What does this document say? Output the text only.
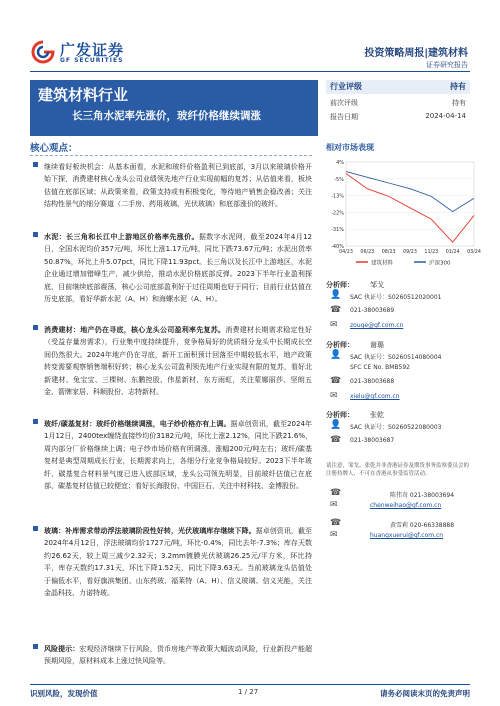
广发证券
GF SECURITIES
投资策略周报|建筑材料
证券研究报告
建筑材料行业
长三角水泥率先涨价，玻纤价格继续调涨
行业评级	持有
前次评级	持有
报告日期	2024-04-14
核心观点：
继续看好板块机会：从基本面看，水泥和玻纤价格盈利已到底部，3月以来玻璃价格开始下探，消费建材核心龙头公司业绩领先地产行业实现前幅的复苏；从估值来看，板块估值在底部区域；从政策来看，政策支持或有积极变化，等待地产销售企稳改善；关注结构性景气的细分赛道（二手房、药用玻璃、光伏玻璃）和底部涨价的玻纤。
水泥：长三角和长江中上游地区价格率先涨价。据数字水泥网，截至2024年4月12日，全国水泥均价357元/吨，环比上涨1.17元/吨，同比下跌73.67元/吨；水泥出货率50.87%，环比上升5.07pct，同比下降11.93pct。长三角以及长江中上游地区，水泥企业通过增加错峰生产，减少供给，推动水泥价格底部反弹。2023下半年行业盈利探底，目前继续底部震荡，核心公司底部盈利好于过往周期也好于同行；目前行业估值在历史底部，看好华新水泥（A、H）和海螺水泥（A、H）。
消费建材：地产仍在寻底，核心龙头公司盈利率先复苏。消费建材长期需求稳定性好（受益存量房需求），行业集中度持续提升，竞争格局好的优质细分龙头中长期成长空间仍然很大。2024年地产仍在寻底，新开工面积预计回落至中期较低水平，地产政策转变需要观察销售端积好转；核心龙头公司盈利领先地产行业实现有限的复苏，看好北新建材、兔宝宝、三棵树、东鹏控股、伟星新材、东方雨虹，关注蒙娜丽莎、坚朗五金、箭牌家居、科顺股份、志特新材。
玻纤/碳基复材：玻纤价格继续调涨，电子纱价格亦有上调。据卓创资讯，截至2024年1月12日，2400tex缠绕直接纱均价3182元/吨，环比上涨2.12%，同比下跌21.6%，周内部分厂价格继续上调；电子纱市场价格有所调涨，涨幅200元/吨左右；玻纤/碳基复材是典型周期成长行业，长期需求向上，各细分行业竞争格局较好。2023下半年玻纤、碳基复合材料景气度已进入底部区域，龙头公司领先明显，目前玻纤估值已在底部，碳基复材估值已较便宜；看好长海股份、中国巨石，关注中材科技、金博股份。
玻璃：补库需求带动浮法玻璃阶段性好转，光伏玻璃库存继续下降。据卓创资讯，截至2024年4月12日，浮法玻璃均价1727元/吨，环比-0.4%，同比去年-7.3%；库存天数约26.62天，较上周三减少2.32天；3.2mm镀膜光伏玻璃26.25元/平方米，环比持平，库存天数约17.31天，环比下降1.52天，同比下降3.63天。当前玻璃龙头估值处于偏低水平，看好旗滨集团、山东药玻、福莱特（A、H）、信义玻璃、信义光能，关注金晶科技、力诺特玻。
风险提示：宏观经济继续下行风险，货币房地产等政策大幅波动风险，行业新投产能超预期风险，原材料成本上涨过快风险等。
相对市场表现
4%
-5%
-13%
-22%
-31%
-40%
04/23 06/23 08/23 09/23 11/23 01/24 03/24
建筑材料	沪深300
分析师： 邹戈
👤	SAC 执证号：S0260512020001
☎	021-38003689
✉	zouge@gf.com.cn
分析师： 谢璐
👤	SAC 执证号：S0260514080004
SFC CE No. BMB592
☎	021-38003688
✉	xielu@gf.com.cn
分析师： 张乾
👤	SAC 执证号：S0260522080003
☎	021-38003687
请注意，邹戈、张乾并非香港证券及期货事务监察委员会的注册持牌人，不可在香港从事受监管活动。
☎	陈伟奇 021-38003694
✉	chenweihao@gf.com.cn
☎	黄雪莉 020-66338888
✉	huangxuerui@gf.com.cn
识别风险，发现价值	1 / 27	请务必阅读末页的免责声明
